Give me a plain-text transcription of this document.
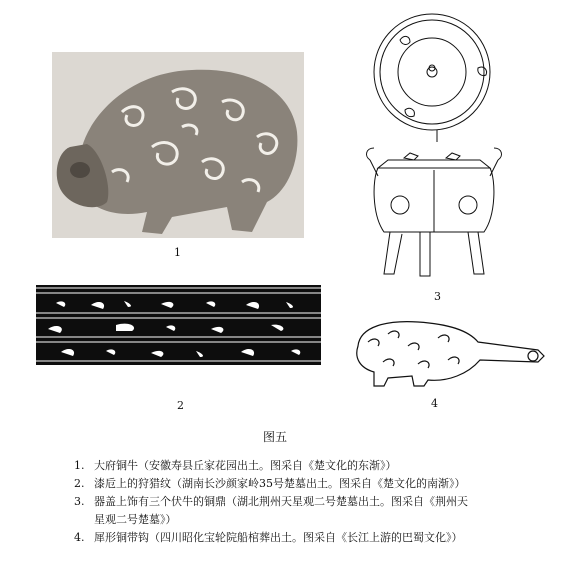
1
3
2	4
图五
1. 大府铜牛（安徽寿县丘家花园出土。图采自《楚文化的东渐》）
2. 漆卮上的狩猎纹（湖南长沙颜家岭35号楚墓出土。图采自《楚文化的南渐》）
3. 器盖上饰有三个伏牛的铜鼎（湖北荆州天星观二号楚墓出土。图采自《荆州天
星观二号楚墓》）
4. 犀形铜带钩（四川昭化宝轮院船棺葬出土。图采自《长江上游的巴蜀文化》）
